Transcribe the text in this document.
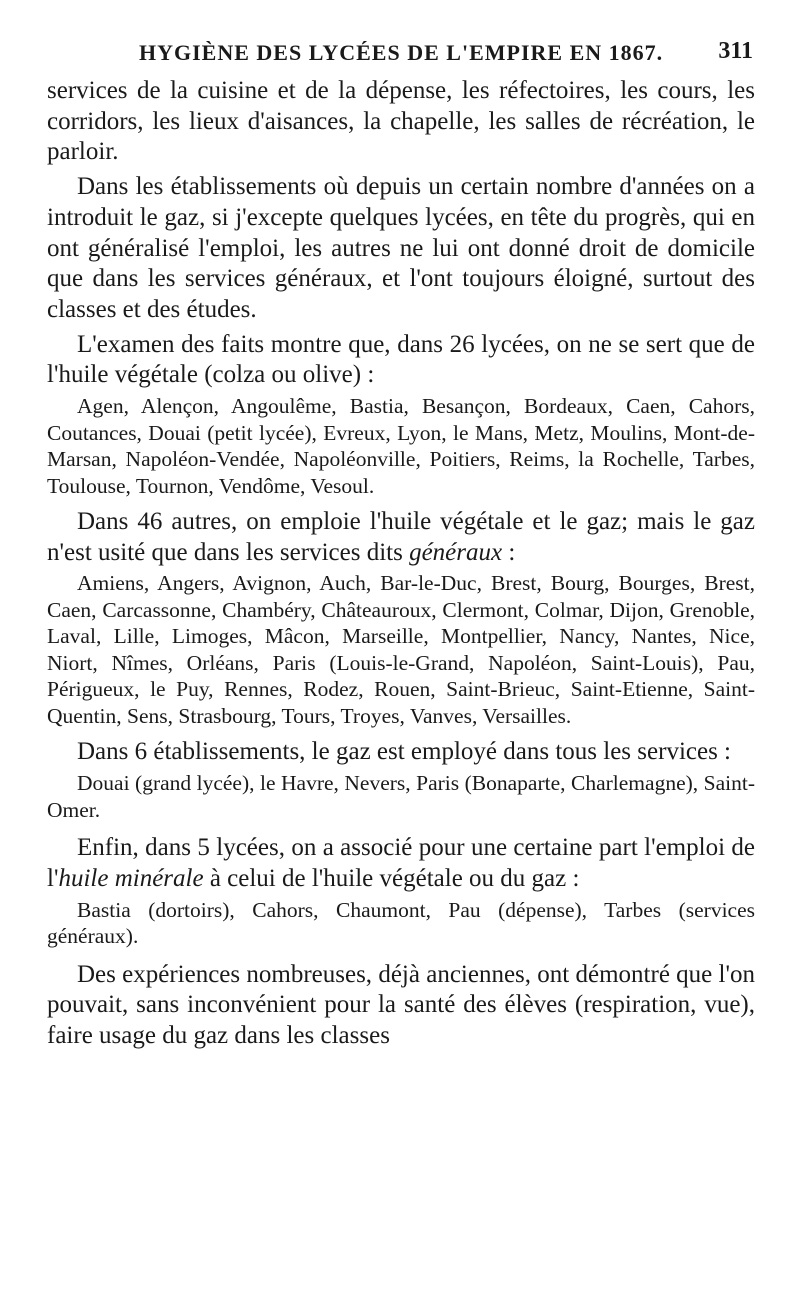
HYGIÈNE DES LYCÉES DE L'EMPIRE EN 1867. 311

services de la cuisine et de la dépense, les réfectoires, les cours, les corridors, les lieux d'aisances, la chapelle, les salles de récréation, le parloir.

Dans les établissements où depuis un certain nombre d'années on a introduit le gaz, si j'excepte quelques lycées, en tête du progrès, qui en ont généralisé l'emploi, les autres ne lui ont donné droit de domicile que dans les services généraux, et l'ont toujours éloigné, surtout des classes et des études.

L'examen des faits montre que, dans 26 lycées, on ne se sert que de l'huile végétale (colza ou olive) :

Agen, Alençon, Angoulême, Bastia, Besançon, Bordeaux, Caen, Cahors, Coutances, Douai (petit lycée), Evreux, Lyon, le Mans, Metz, Moulins, Mont-de-Marsan, Napoléon-Vendée, Napoléonville, Poitiers, Reims, la Rochelle, Tarbes, Toulouse, Tournon, Vendôme, Vesoul.

Dans 46 autres, on emploie l'huile végétale et le gaz; mais le gaz n'est usité que dans les services dits généraux :

Amiens, Angers, Avignon, Auch, Bar-le-Duc, Brest, Bourg, Bourges, Brest, Caen, Carcassonne, Chambéry, Châteauroux, Clermont, Colmar, Dijon, Grenoble, Laval, Lille, Limoges, Mâcon, Marseille, Montpellier, Nancy, Nantes, Nice, Niort, Nîmes, Orléans, Paris (Louis-le-Grand, Napoléon, Saint-Louis), Pau, Périgueux, le Puy, Rennes, Rodez, Rouen, Saint-Brieuc, Saint-Etienne, Saint-Quentin, Sens, Strasbourg, Tours, Troyes, Vanves, Versailles.

Dans 6 établissements, le gaz est employé dans tous les services :

Douai (grand lycée), le Havre, Nevers, Paris (Bonaparte, Charlemagne), Saint-Omer.

Enfin, dans 5 lycées, on a associé pour une certaine part l'emploi de l'huile minérale à celui de l'huile végétale ou du gaz :

Bastia (dortoirs), Cahors, Chaumont, Pau (dépense), Tarbes (services généraux).

Des expériences nombreuses, déjà anciennes, ont démontré que l'on pouvait, sans inconvénient pour la santé des élèves (respiration, vue), faire usage du gaz dans les classes
